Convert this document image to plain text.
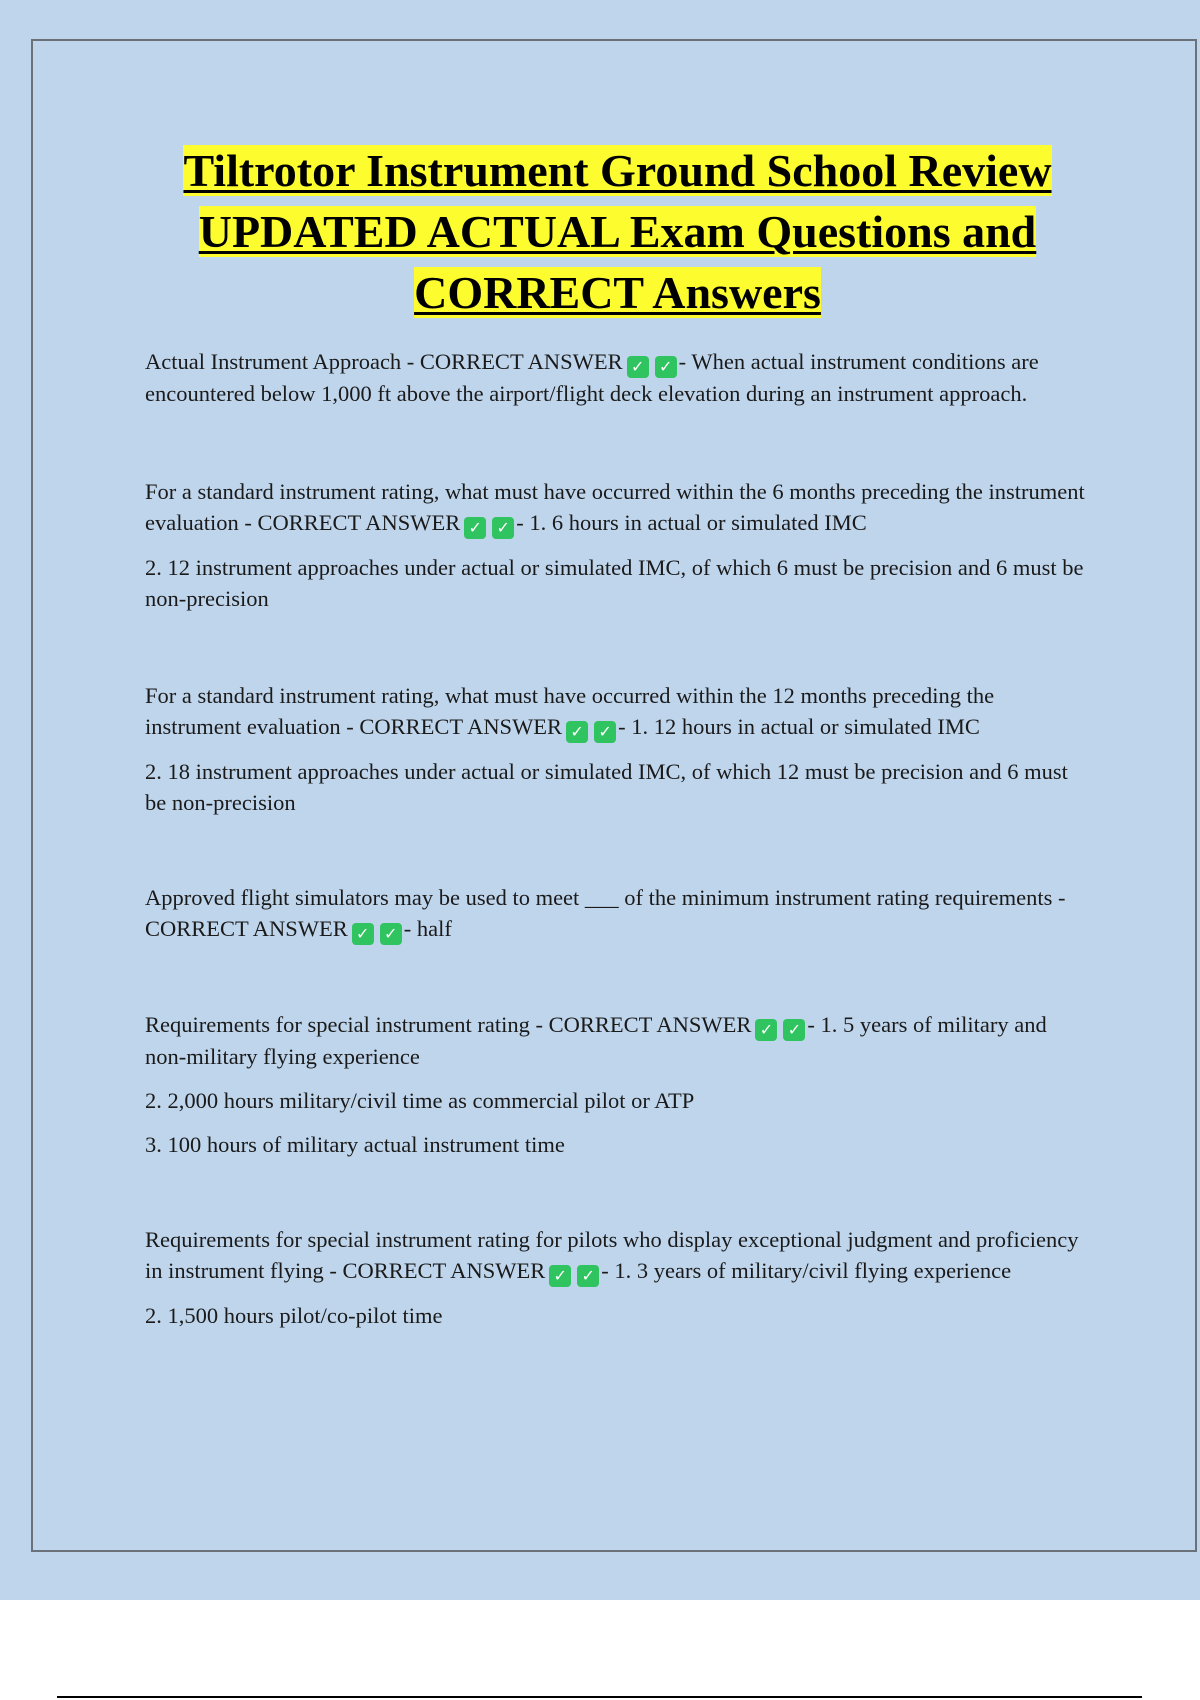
Tiltrotor Instrument Ground School Review
UPDATED ACTUAL Exam Questions and
CORRECT Answers

Actual Instrument Approach - CORRECT ANSWER ✓ ✓ - When actual instrument conditions are encountered below 1,000 ft above the airport/flight deck elevation during an instrument approach.

For a standard instrument rating, what must have occurred within the 6 months preceding the instrument evaluation - CORRECT ANSWER ✓ ✓ - 1. 6 hours in actual or simulated IMC

2. 12 instrument approaches under actual or simulated IMC, of which 6 must be precision and 6 must be non-precision

For a standard instrument rating, what must have occurred within the 12 months preceding the instrument evaluation - CORRECT ANSWER ✓ ✓ - 1. 12 hours in actual or simulated IMC

2. 18 instrument approaches under actual or simulated IMC, of which 12 must be precision and 6 must be non-precision

Approved flight simulators may be used to meet ___ of the minimum instrument rating requirements - CORRECT ANSWER ✓ ✓ - half

Requirements for special instrument rating - CORRECT ANSWER ✓ ✓ - 1. 5 years of military and non-military flying experience

2. 2,000 hours military/civil time as commercial pilot or ATP

3. 100 hours of military actual instrument time

Requirements for special instrument rating for pilots who display exceptional judgment and proficiency in instrument flying - CORRECT ANSWER ✓ ✓ - 1. 3 years of military/civil flying experience

2. 1,500 hours pilot/co-pilot time
